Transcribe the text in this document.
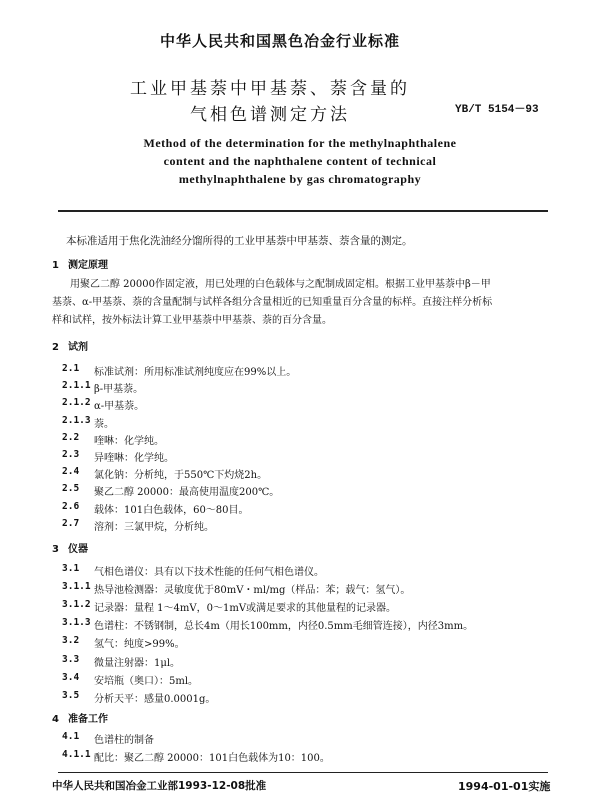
中华人民共和国黑色冶金行业标准
工业甲基萘中甲基萘、萘含量的
气相色谱测定方法	YB/T 5154－93
Method of the determination for the methylnaphthalene
content and the naphthalene content of technical
methylnaphthalene by gas chromatography
本标准适用于焦化洗油经分馏所得的工业甲基萘中甲基萘、萘含量的测定。
1 测定原理
用聚乙二醇 20000作固定液，用已处理的白色载体与之配制成固定相。根据工业甲基萘中β－甲
基萘、α-甲基萘、萘的含量配制与试样各组分含量相近的已知重量百分含量的标样。直接注样分析标
样和试样，按外标法计算工业甲基萘中甲基萘、萘的百分含量。
2 试剂
2.1 标准试剂：所用标准试剂纯度应在99%以上。
2.1.1 β-甲基萘。
2.1.2 α-甲基萘。
2.1.3 萘。
2.2 喹啉：化学纯。
2.3 异喹啉：化学纯。
2.4 氯化钠：分析纯，于550℃下灼烧2h。
2.5 聚乙二醇 20000：最高使用温度200℃。
2.6 载体：101白色载体，60～80目。
2.7 溶剂：三氯甲烷，分析纯。
3 仪器
3.1 气相色谱仪：具有以下技术性能的任何气相色谱仪。
3.1.1 热导池检测器：灵敏度优于80mV・ml/mg（样品：苯；载气：氢气）。
3.1.2 记录器：量程 1～4mV，0～1mV或满足要求的其他量程的记录器。
3.1.3 色谱柱：不锈钢制，总长4m（用长100mm，内径0.5mm毛细管连接），内径3mm。
3.2 氢气：纯度>99%。
3.3 微量注射器：1μl。
3.4 安培瓶（奥口）：5ml。
3.5 分析天平：感量0.0001g。
4 准备工作
4.1 色谱柱的制备
4.1.1 配比：聚乙二醇 20000：101白色载体为10：100。
中华人民共和国冶金工业部1993-12-08批准	1994-01-01实施
